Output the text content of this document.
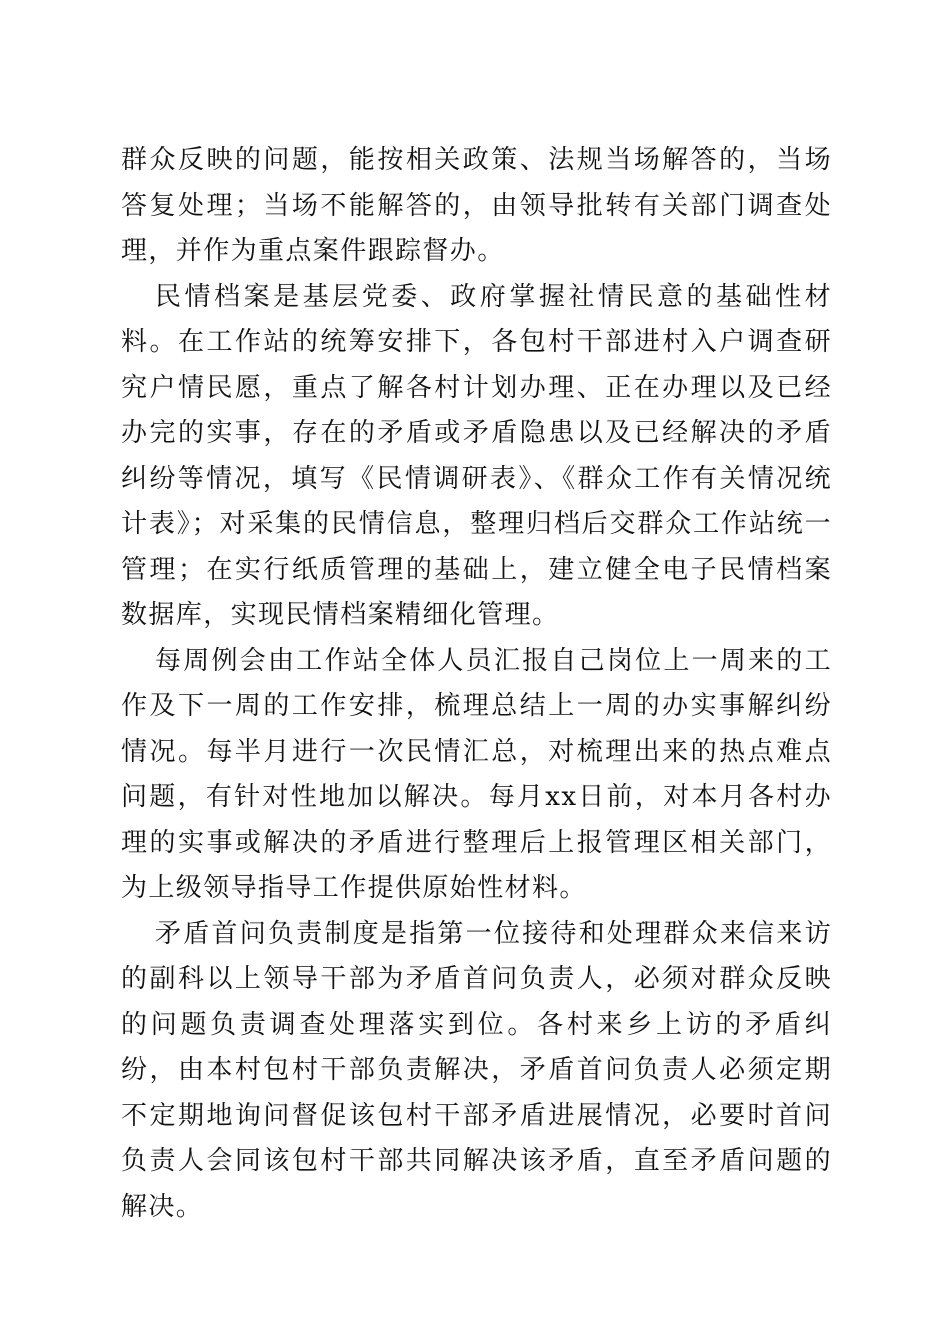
群众反映的问题，能按相关政策、法规当场解答的，当场答复处理；当场不能解答的，由领导批转有关部门调查处理，并作为重点案件跟踪督办。

民情档案是基层党委、政府掌握社情民意的基础性材料。在工作站的统筹安排下，各包村干部进村入户调查研究户情民愿，重点了解各村计划办理、正在办理以及已经办完的实事，存在的矛盾或矛盾隐患以及已经解决的矛盾纠纷等情况，填写《民情调研表》、《群众工作有关情况统计表》；对采集的民情信息，整理归档后交群众工作站统一管理；在实行纸质管理的基础上，建立健全电子民情档案数据库，实现民情档案精细化管理。

每周例会由工作站全体人员汇报自己岗位上一周来的工作及下一周的工作安排，梳理总结上一周的办实事解纠纷情况。每半月进行一次民情汇总，对梳理出来的热点难点问题，有针对性地加以解决。每月xx日前，对本月各村办理的实事或解决的矛盾进行整理后上报管理区相关部门，为上级领导指导工作提供原始性材料。

矛盾首问负责制度是指第一位接待和处理群众来信来访的副科以上领导干部为矛盾首问负责人，必须对群众反映的问题负责调查处理落实到位。各村来乡上访的矛盾纠纷，由本村包村干部负责解决，矛盾首问负责人必须定期不定期地询问督促该包村干部矛盾进展情况，必要时首问负责人会同该包村干部共同解决该矛盾，直至矛盾问题的解决。
